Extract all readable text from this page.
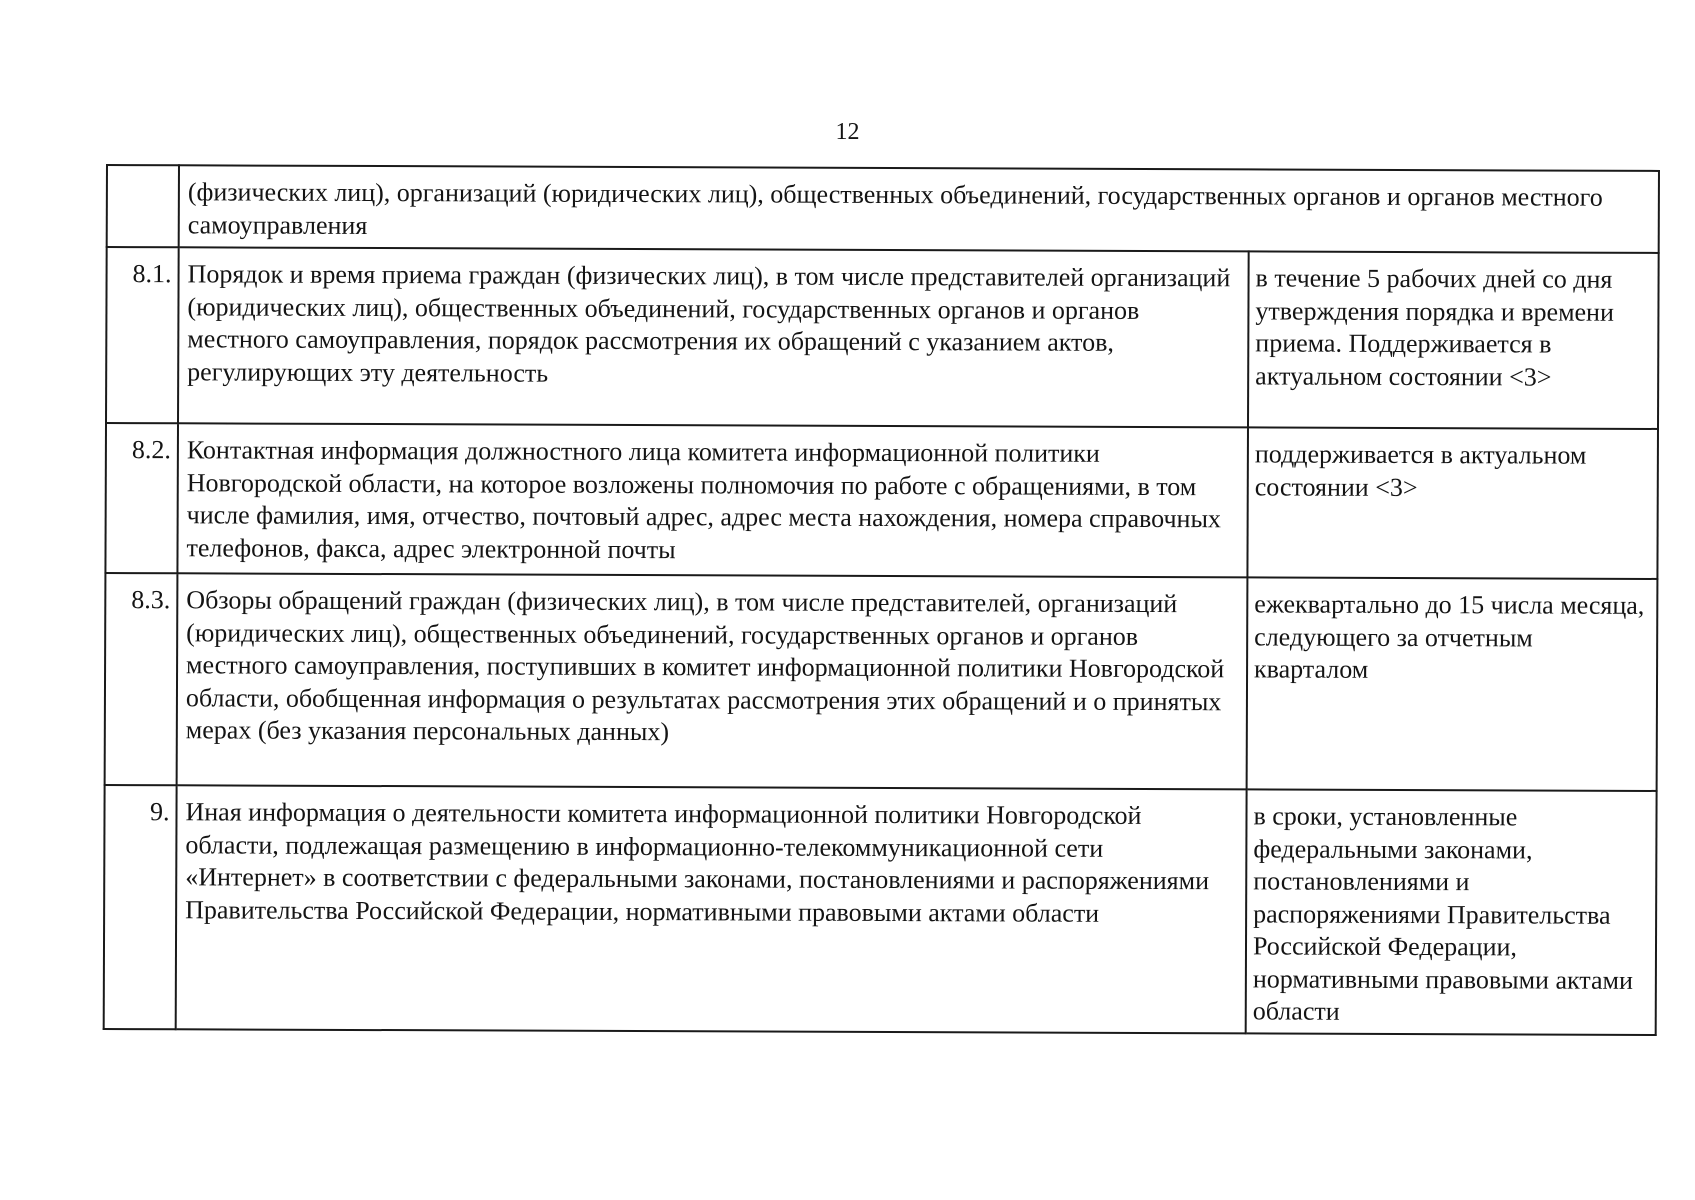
12
	(физических лиц), организаций (юридических лиц), общественных объединений, государственных органов и органов местного самоуправления	
8.1.	Порядок и время приема граждан (физических лиц), в том числе представителей организаций (юридических лиц), общественных объединений, государственных органов и органов местного самоуправления, порядок рассмотрения их обращений с указанием актов, регулирующих эту деятельность	в течение 5 рабочих дней со дня утверждения порядка и времени приема. Поддерживается в актуальном состоянии <3>
8.2.	Контактная информация должностного лица комитета информационной политики Новгородской области, на которое возложены полномочия по работе с обращениями, в том числе фамилия, имя, отчество, почтовый адрес, адрес места нахождения, номера справочных телефонов, факса, адрес электронной почты	поддерживается в актуальном состоянии <3>
8.3.	Обзоры обращений граждан (физических лиц), в том числе представителей, организаций (юридических лиц), общественных объединений, государственных органов и органов местного самоуправления, поступивших в комитет информационной политики Новгородской области, обобщенная информация о результатах рассмотрения этих обращений и о принятых мерах (без указания персональных данных)	ежеквартально до 15 числа месяца, следующего за отчетным кварталом
9.	Иная информация о деятельности комитета информационной политики Новгородской области, подлежащая размещению в информационно-телекоммуникационной сети «Интернет» в соответствии с федеральными законами, постановлениями и распоряжениями Правительства Российской Федерации, нормативными правовыми актами области	в сроки, установленные федеральными законами, постановлениями и распоряжениями Правительства Российской Федерации, нормативными правовыми актами области
